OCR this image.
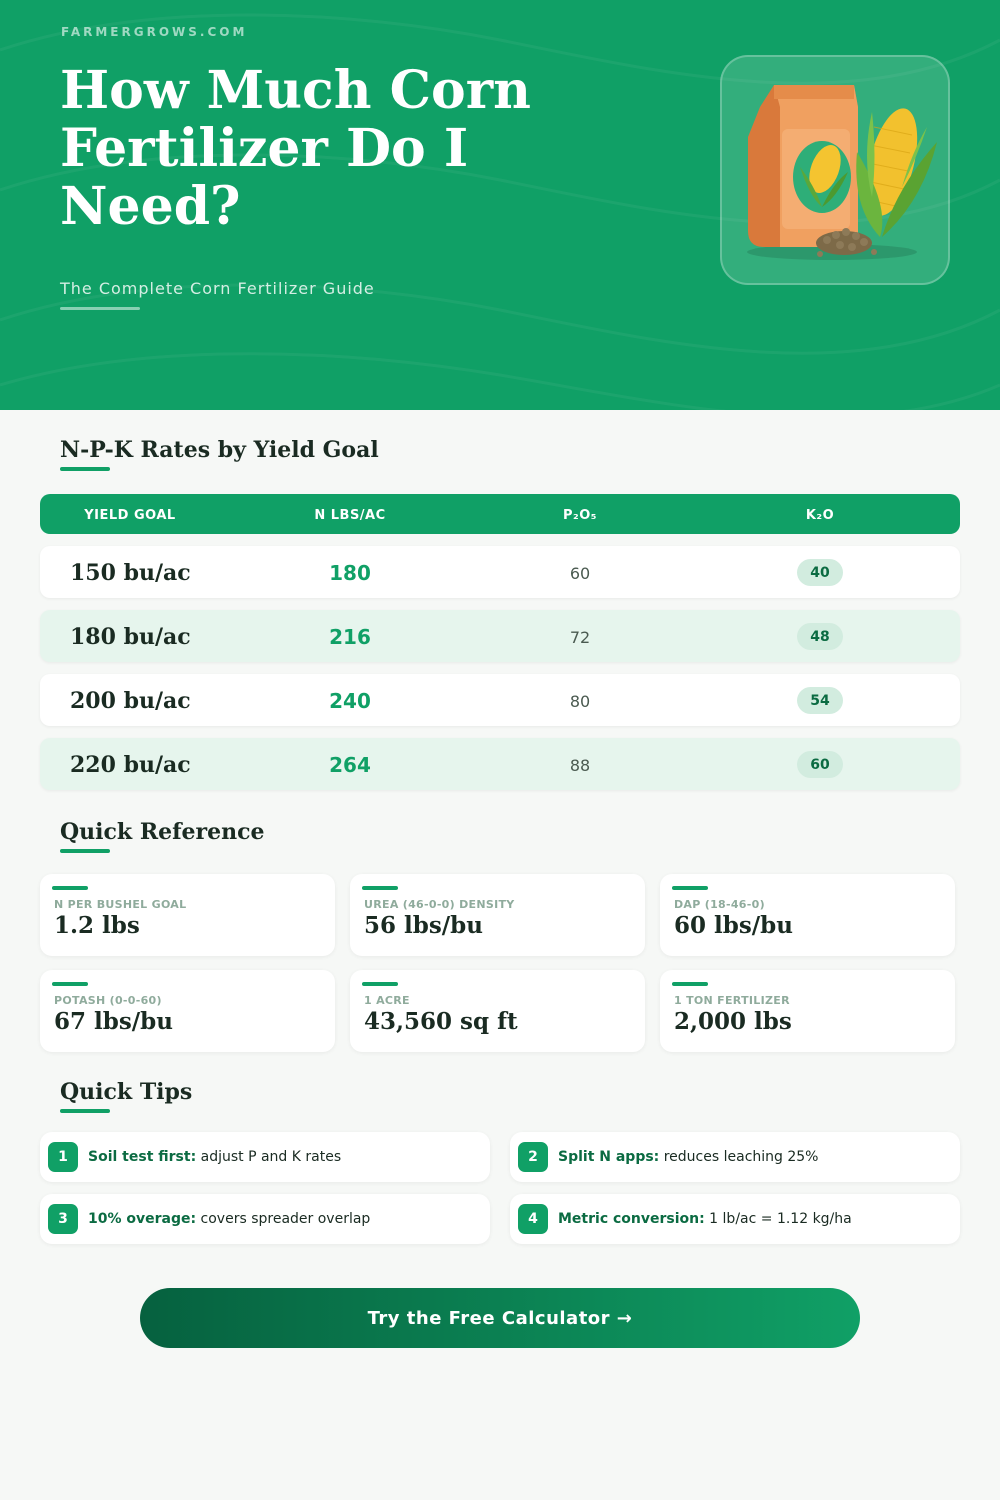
FARMERGROWS.COM
How Much Corn Fertilizer Do I Need?
The Complete Corn Fertilizer Guide
N-P-K Rates by Yield Goal
YIELD GOAL	N LBS/AC	P₂O₅	K₂O
150 bu/ac	180	60	40
180 bu/ac	216	72	48
200 bu/ac	240	80	54
220 bu/ac	264	88	60
Quick Reference
N PER BUSHEL GOAL
1.2 lbs
UREA (46-0-0) DENSITY
56 lbs/bu
DAP (18-46-0)
60 lbs/bu
POTASH (0-0-60)
67 lbs/bu
1 ACRE
43,560 sq ft
1 TON FERTILIZER
2,000 lbs
Quick Tips
1	Soil test first: adjust P and K rates	2	Split N apps: reduces leaching 25%
3	10% overage: covers spreader overlap	4	Metric conversion: 1 lb/ac = 1.12 kg/ha
Try the Free Calculator →
